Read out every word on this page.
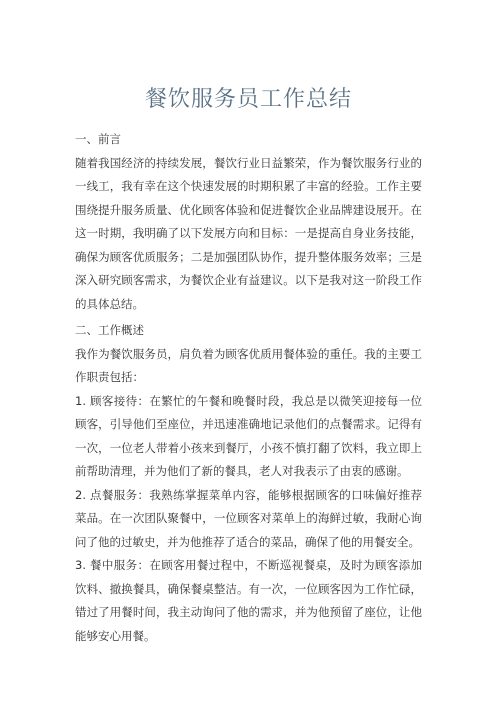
餐饮服务员工作总结

一、前言

随着我国经济的持续发展，餐饮行业日益繁荣，作为餐饮服务行业的一线工，我有幸在这个快速发展的时期积累了丰富的经验。工作主要围绕提升服务质量、优化顾客体验和促进餐饮企业品牌建设展开。在这一时期，我明确了以下发展方向和目标：一是提高自身业务技能，确保为顾客优质服务；二是加强团队协作，提升整体服务效率；三是深入研究顾客需求，为餐饮企业有益建议。以下是我对这一阶段工作的具体总结。

二、工作概述

我作为餐饮服务员，肩负着为顾客优质用餐体验的重任。我的主要工作职责包括：

1. 顾客接待：在繁忙的午餐和晚餐时段，我总是以微笑迎接每一位顾客，引导他们至座位，并迅速准确地记录他们的点餐需求。记得有一次，一位老人带着小孩来到餐厅，小孩不慎打翻了饮料，我立即上前帮助清理，并为他们了新的餐具，老人对我表示了由衷的感谢。

2. 点餐服务：我熟练掌握菜单内容，能够根据顾客的口味偏好推荐菜品。在一次团队聚餐中，一位顾客对菜单上的海鲜过敏，我耐心询问了他的过敏史，并为他推荐了适合的菜品，确保了他的用餐安全。

3. 餐中服务：在顾客用餐过程中，不断巡视餐桌，及时为顾客添加饮料、撤换餐具，确保餐桌整洁。有一次，一位顾客因为工作忙碌，错过了用餐时间，我主动询问了他的需求，并为他预留了座位，让他能够安心用餐。
